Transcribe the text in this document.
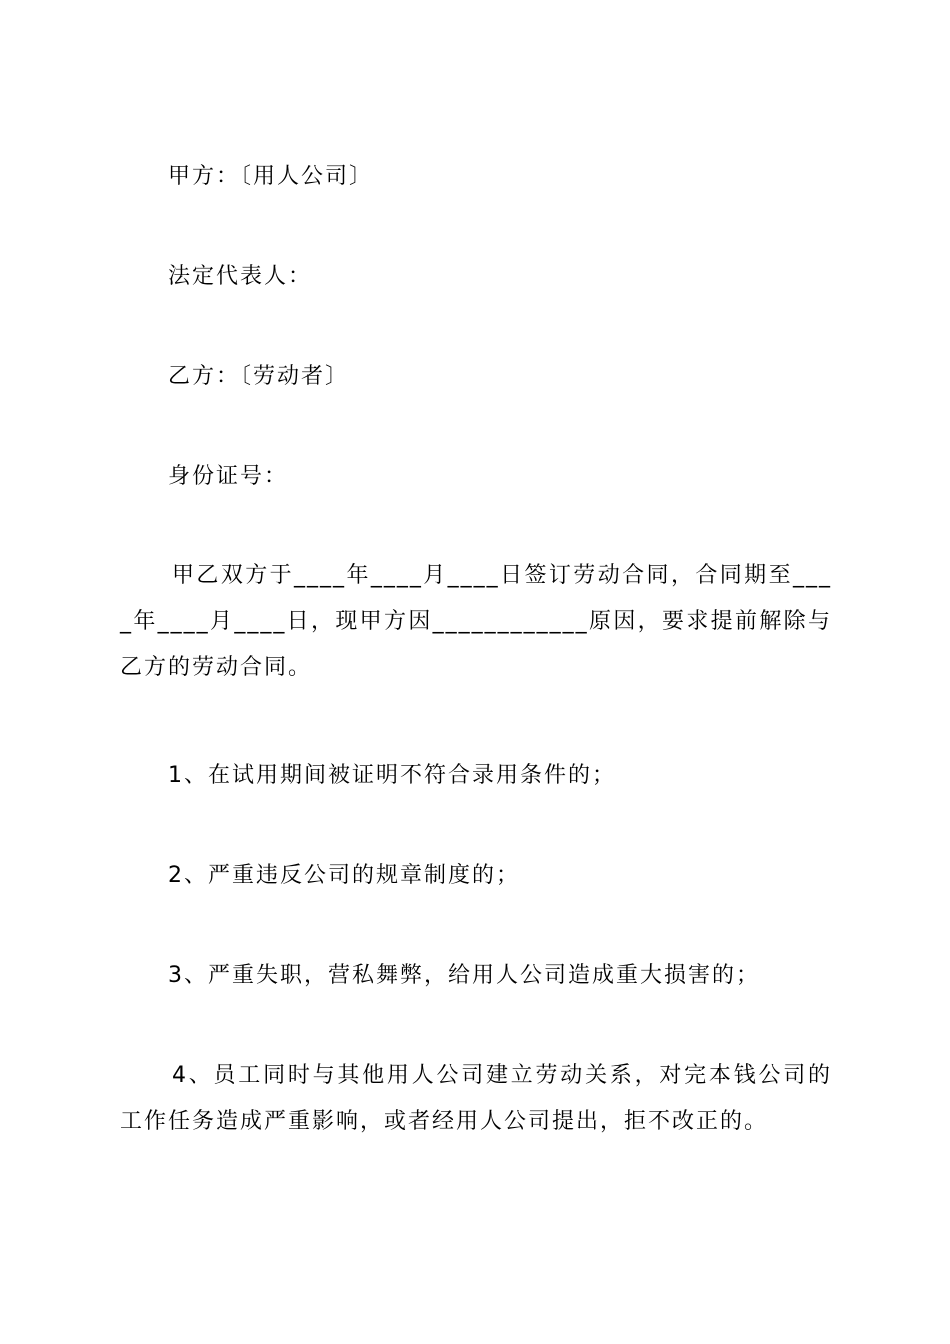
甲方：〔用人公司〕
法定代表人：
乙方：〔劳动者〕
身份证号：
甲乙双方于____年____月____日签订劳动合同，合同期至____年____月____日，现甲方因____________原因，要求提前解除与乙方的劳动合同。
1、在试用期间被证明不符合录用条件的；
2、严重违反公司的规章制度的；
3、严重失职，营私舞弊，给用人公司造成重大损害的；
4、员工同时与其他用人公司建立劳动关系，对完本钱公司的工作任务造成严重影响，或者经用人公司提出，拒不改正的。
